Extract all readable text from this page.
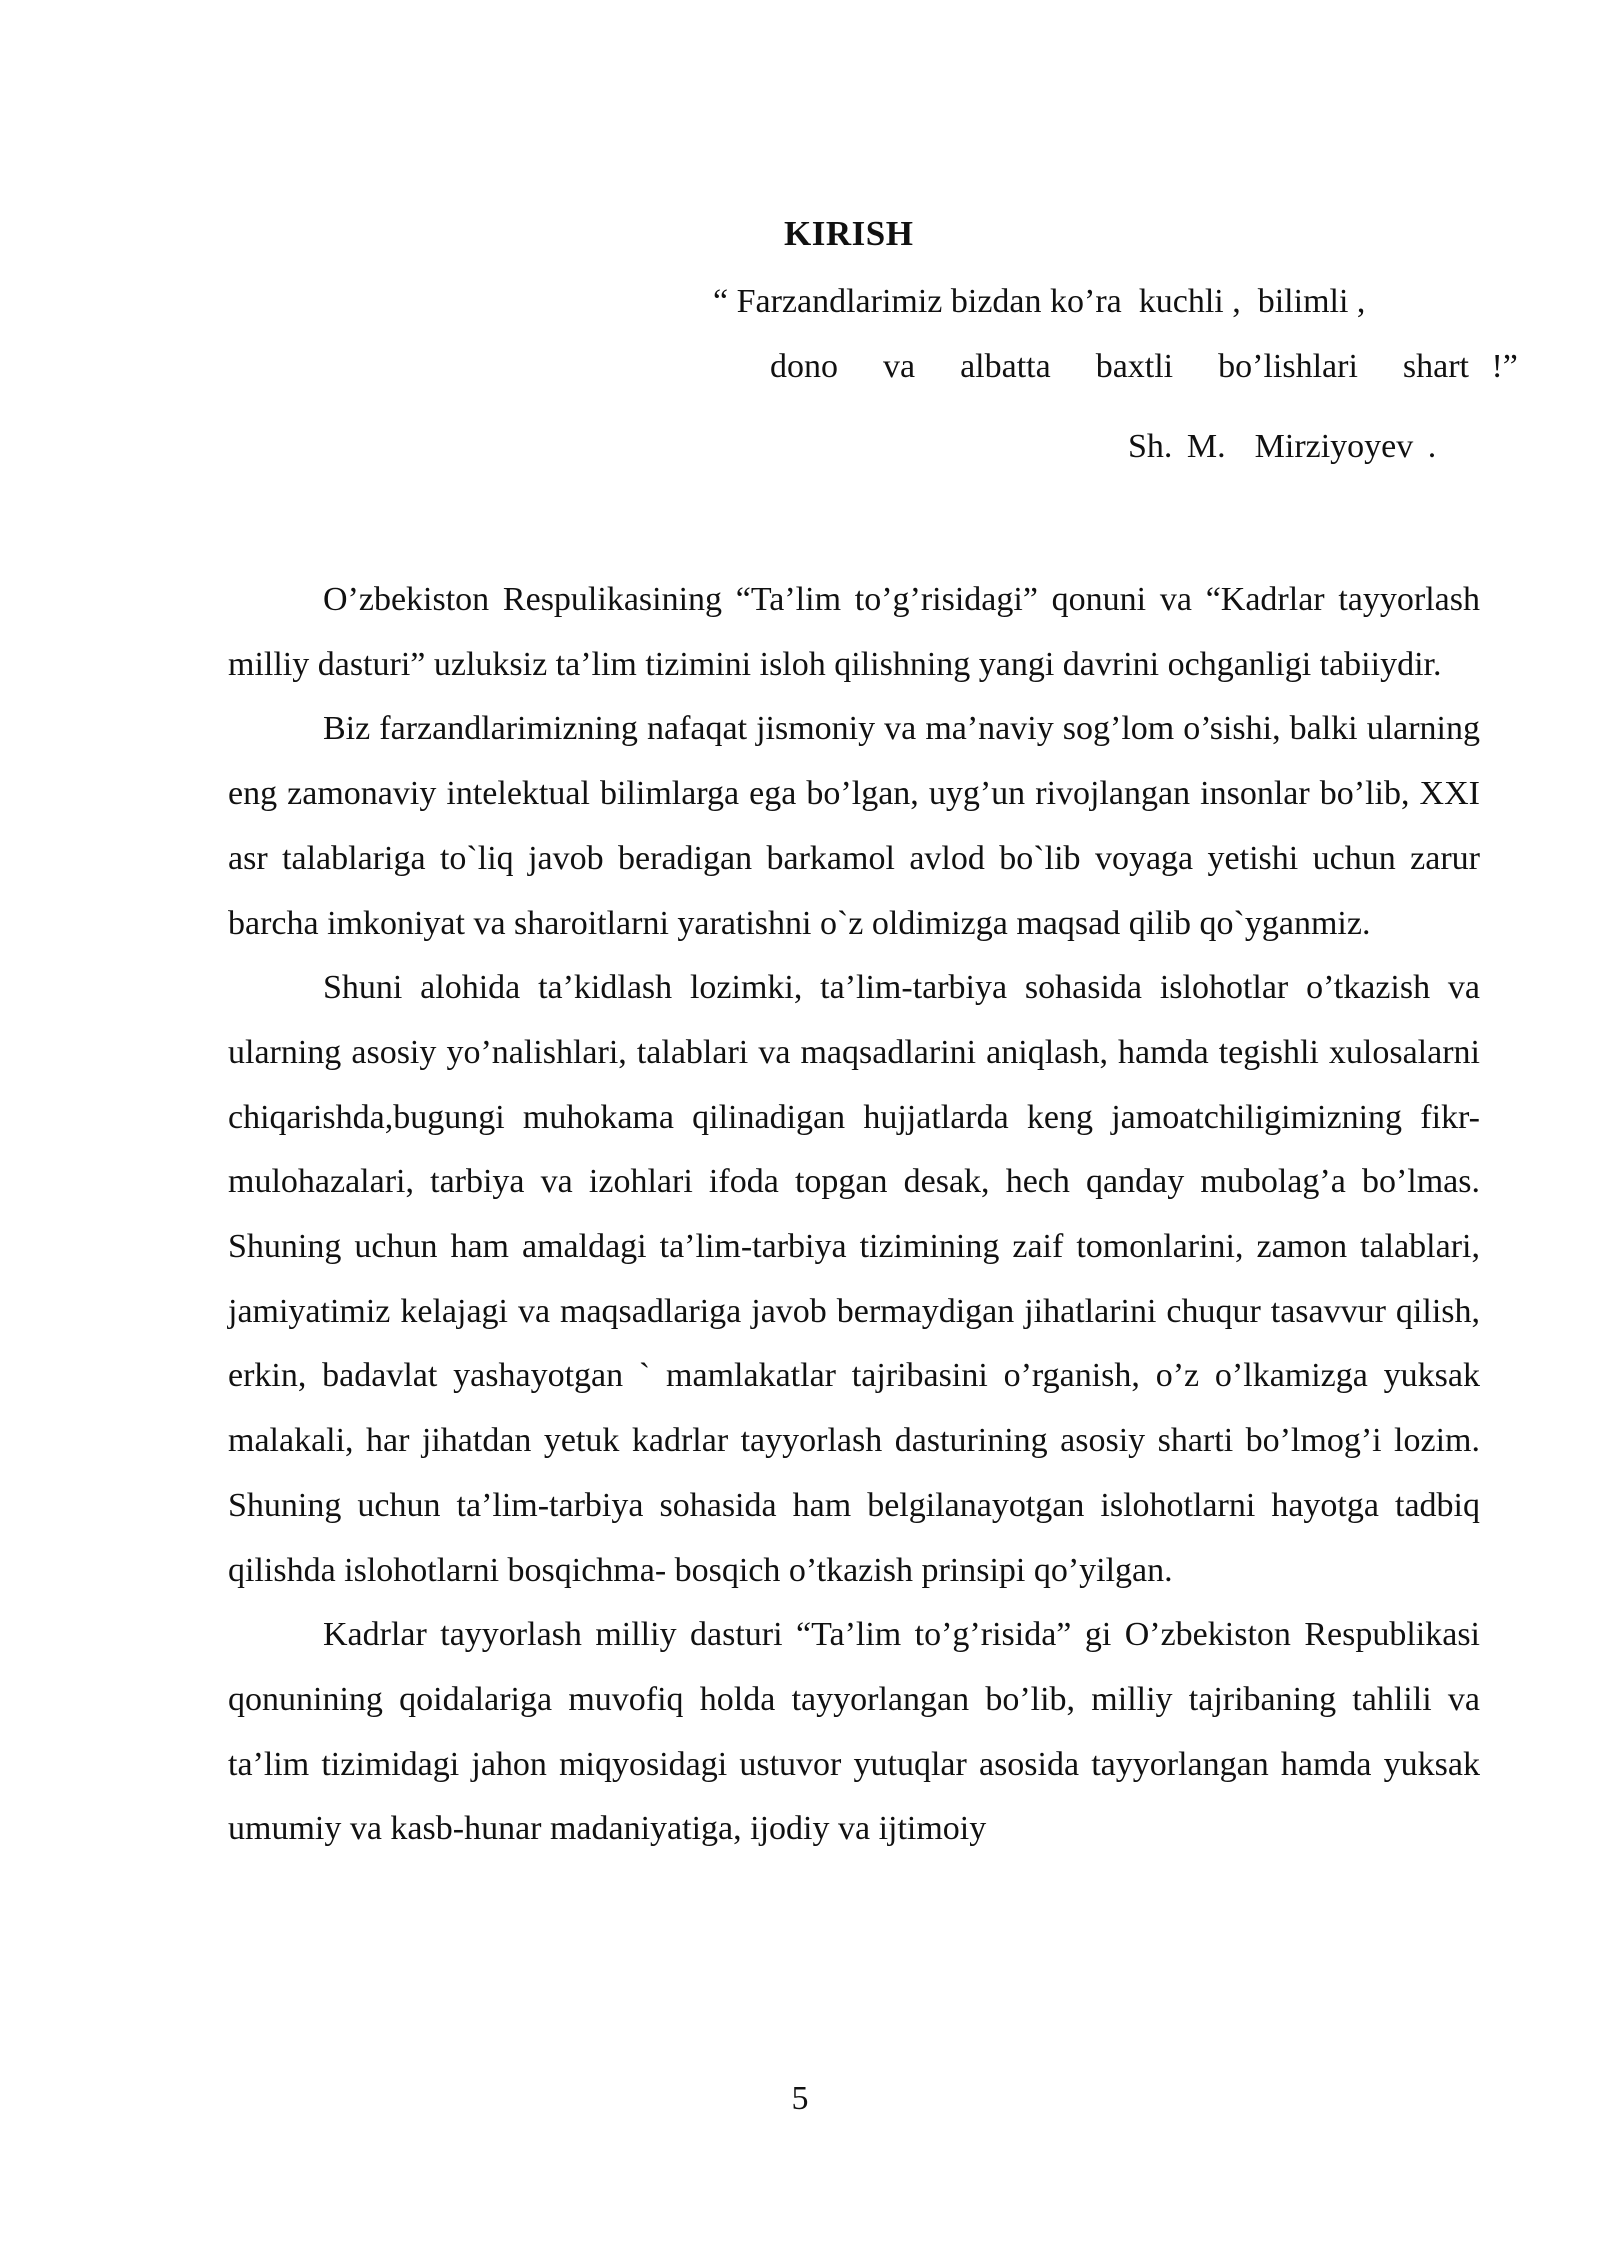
KIRISH

“ Farzandlarimiz bizdan ko’ra  kuchli ,  bilimli ,

dono  va  albatta  baxtli  bo’lishlari  shart !”

Sh. M.  Mirziyoyev .

O’zbekiston Respulikasining “Ta’lim to’g’risidagi” qonuni va “Kadrlar tayyorlash milliy dasturi” uzluksiz ta’lim tizimini isloh qilishning yangi davrini ochganligi tabiiydir.

Biz farzandlarimizning nafaqat jismoniy va ma’naviy sog’lom o’sishi, balki ularning eng zamonaviy intelektual bilimlarga ega bo’lgan, uyg’un rivojlangan insonlar bo’lib, XXI asr talablariga to`liq javob beradigan barkamol avlod bo`lib voyaga yetishi uchun zarur barcha imkoniyat va sharoitlarni yaratishni o`z oldimizga maqsad qilib qo`yganmiz.

Shuni alohida ta’kidlash lozimki, ta’lim-tarbiya sohasida islohotlar o’tkazish va ularning asosiy yo’nalishlari, talablari va maqsadlarini aniqlash, hamda tegishli xulosalarni chiqarishda,bugungi muhokama qilinadigan hujjatlarda keng jamoatchiligimizning fikr-mulohazalari, tarbiya va izohlari ifoda topgan desak, hech qanday mubolag’a bo’lmas. Shuning uchun ham amaldagi ta’lim-tarbiya tizimining zaif tomonlarini, zamon talablari, jamiyatimiz kelajagi va maqsadlariga javob bermaydigan jihatlarini chuqur tasavvur qilish, erkin, badavlat yashayotgan ` mamlakatlar tajribasini o’rganish, o’z o’lkamizga yuksak malakali, har jihatdan yetuk kadrlar tayyorlash dasturining asosiy sharti bo’lmog’i lozim. Shuning uchun ta’lim-tarbiya sohasida ham belgilanayotgan islohotlarni hayotga tadbiq qilishda islohotlarni bosqichma- bosqich o’tkazish prinsipi qo’yilgan.

Kadrlar tayyorlash milliy dasturi “Ta’lim to’g’risida” gi O’zbekiston Respublikasi qonunining qoidalariga muvofiq holda tayyorlangan bo’lib, milliy tajribaning tahlili va ta’lim tizimidagi jahon miqyosidagi ustuvor yutuqlar asosida tayyorlangan hamda yuksak umumiy va kasb-hunar madaniyatiga, ijodiy va ijtimoiy

5
